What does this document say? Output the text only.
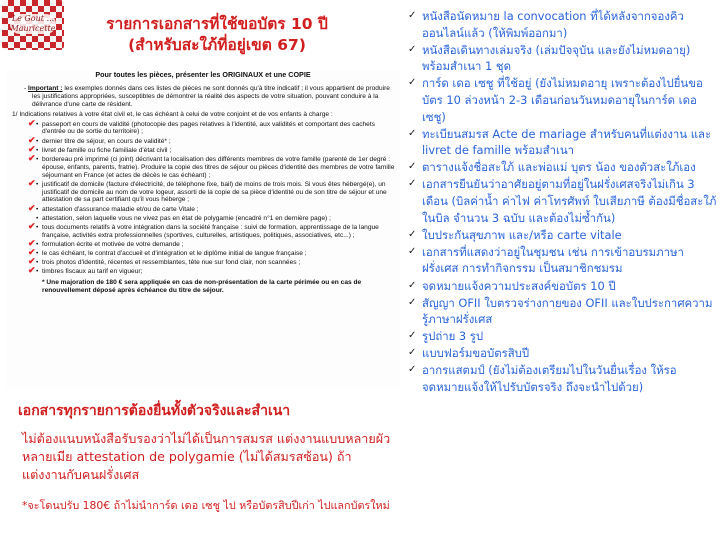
Le Gout ... Mauricette	รายการเอกสารที่ใช้ขอบัตร 10 ปี
(สำหรับสะใภ้ที่อยู่เขต 67)
Pour toutes les pièces, présenter les ORIGINAUX et une COPIE
- Important : les exemples donnés dans ces listes de pièces ne sont donnés qu'à titre indicatif ; il vous appartient de produire les justifications appropriées, susceptibles de démontrer la réalité des aspects de votre situation, pouvant conduire à la délivrance d'une carte de résident.
1/ Indications relatives à votre état civil et, le cas échéant à celui de votre conjoint et de vos enfants à charge :
✔ • passeport en cours de validité (photocopie des pages relatives à l'identité, aux validités et comportant des cachets d'entrée ou de sortie du territoire) ;
✔ • dernier titre de séjour, en cours de validité* ;
✔ • livret de famille ou fiche familiale d'état civil ;
✔ • bordereau pré imprimé (ci joint) décrivant la localisation des différents membres de votre famille (parenté de 1er degré : épouse, enfants, parents, fratrie). Produire la copie des titres de séjour ou pièces d'identité des membres de votre famille séjournant en France (et actes de décès le cas échéant) ;
✔ • justificatif de domicile (facture d'électricité, de téléphone fixe, bail) de moins de trois mois. Si vous êtes hébergé(e), un justificatif de domicile au nom de votre logeur, assorti de la copie de sa pièce d'identité ou de son titre de séjour et une attestation de sa part certifiant qu'il vous héberge ;
✔ • attestation d'assurance maladie et/ou de carte Vitale ;
• attestation, selon laquelle vous ne vivez pas en état de polygamie (encadré n°1 en dernière page) ;
✔ • tous documents relatifs à votre intégration dans la société française : suivi de formation, apprentissage de la langue française, activités extra professionnelles (sportives, culturelles, artistiques, politiques, associatives, etc...) ;
✔ • formulation écrite et motivée de votre demande ;
✔ • le cas échéant, le contrat d'accueil et d'intégration et le diplôme initial de langue française ;
✔ • trois photos d'identité, récentes et ressemblantes, tête nue sur fond clair, non scannées ;
✔ • timbres fiscaux au tarif en vigueur;
* Une majoration de 180 € sera appliquée en cas de non-présentation de la carte périmée ou en cas de renouvellement déposé après échéance du titre de séjour.
เอกสารทุกรายการต้องยื่นทั้งตัวจริงและสำเนา

ไม่ต้องแนบหนังสือรับรองว่าไม่ได้เป็นการสมรส แต่งงานแบบหลายผัว หลายเมีย attestation de polygamie (ไม่ได้สมรสซ้อน) ถ้าแต่งงานกับคนฝรั่งเศส

*จะโดนปรับ 180€ ถ้าไม่นำการ์ด เดอ เซชู ไป หรือบัตรสิบปีเก่า ไปแลกบัตรใหม่

✓ หนังสือนัดหมาย la convocation ที่ได้หลังจากจองคิวออนไลน์แล้ว (ให้พิมพ์ออกมา)
✓ หนังสือเดินทางเล่มจริง (เล่มปัจจุบัน และยังไม่หมดอายุ) พร้อมสำเนา 1 ชุด
✓ การ์ด เดอ เซชู ที่ใช้อยู่ (ยังไม่หมดอายุ เพราะต้องไปยื่นขอบัตร 10 ล่วงหน้า 2-3 เดือนก่อนวันหมดอายุในการ์ด เดอ เซชู)
✓ ทะเบียนสมรส Acte de mariage สำหรับคนที่แต่งงาน และ livret de famille พร้อมสำเนา
✓ ตารางแจ้งชื่อสะใภ้ และพ่อแม่ บุตร น้อง ของตัวสะใภ้เอง
✓ เอกสารยืนยันว่าอาศัยอยู่ตามที่อยู่ในฝรั่งเศสจริงไม่เกิน 3 เดือน (บิลค่าน้ำ ค่าไฟ ค่าโทรศัพท์ ใบเสียภาษี ต้องมีชื่อสะใภ้ในบิล จำนวน 3 ฉบับ และต้องไม่ซ้ำกัน)
✓ ใบประกันสุขภาพ และ/หรือ carte vitale
✓ เอกสารที่แสดงว่าอยู่ในชุมชน เช่น การเข้าอบรมภาษาฝรั่งเศส การทำกิจกรรม เป็นสมาชิกชมรม
✓ จดหมายแจ้งความประสงค์ขอบัตร 10 ปี
✓ สัญญา OFII ใบตรวจร่างกายของ OFII และใบประกาศความรู้ภาษาฝรั่งเศส
✓ รูปถ่าย 3 รูป
✓ แบบฟอร์มขอบัตรสิบปี
✓ อากรแสตมป์ (ยังไม่ต้องเตรียมไปในวันยื่นเรื่อง ให้รอจดหมายแจ้งให้ไปรับบัตรจริง ถึงจะนำไปด้วย)
